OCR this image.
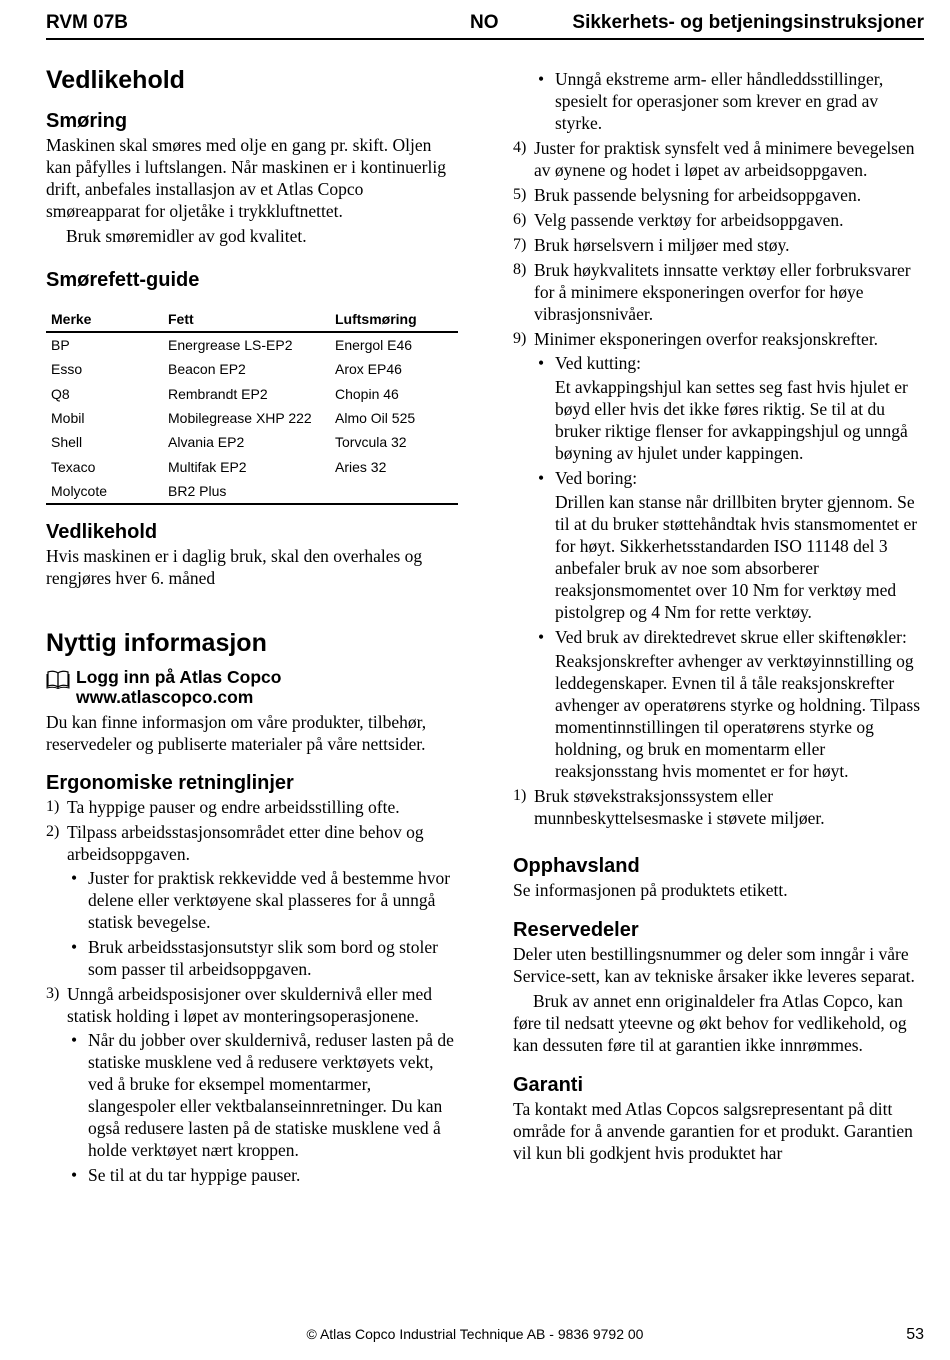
RVM 07B	NO	Sikkerhets- og betjeningsinstruksjoner
Vedlikehold
Smøring

Maskinen skal smøres med olje en gang pr. skift. Oljen kan påfylles i luftslangen. Når maskinen er i kontinuerlig drift, anbefales installasjon av et Atlas Copco smøreapparat for oljetåke i trykkluftnettet.

Bruk smøremidler av god kvalitet.

Smørefett-guide
Merke	Fett	Luftsmøring
BP	Energrease LS-EP2	Energol E46
Esso	Beacon EP2	Arox EP46
Q8	Rembrandt EP2	Chopin 46
Mobil	Mobilegrease XHP 222	Almo Oil 525
Shell	Alvania EP2	Torvcula 32
Texaco	Multifak EP2	Aries 32
Molycote	BR2 Plus	
Vedlikehold

Hvis maskinen er i daglig bruk, skal den overhales og rengjøres hver 6. måned

Nyttig informasjon
Logg inn på Atlas Copco
www.atlascopco.com

Du kan finne informasjon om våre produkter, tilbehør, reservedeler og publiserte materialer på våre nettsider.

Ergonomiske retninglinjer
1) Ta hyppige pauser og endre arbeidsstilling ofte.
2) Tilpass arbeidsstasjonsområdet etter dine behov og arbeidsoppgaven.
• Juster for praktisk rekkevidde ved å bestemme hvor delene eller verktøyene skal plasseres for å unngå statisk bevegelse.
• Bruk arbeidsstasjonsutstyr slik som bord og stoler som passer til arbeidsoppgaven.
3) Unngå arbeidsposisjoner over skuldernivå eller med statisk holding i løpet av monteringsoperasjonene.
• Når du jobber over skuldernivå, reduser lasten på de statiske musklene ved å redusere verktøyets vekt, ved å bruke for eksempel momentarmer, slangespoler eller vektbalanseinnretninger. Du kan også redusere lasten på de statiske musklene ved å holde verktøyet nært kroppen.
• Se til at du tar hyppige pauser.
• Unngå ekstreme arm- eller håndleddsstillinger, spesielt for operasjoner som krever en grad av styrke.
4) Juster for praktisk synsfelt ved å minimere bevegelsen av øynene og hodet i løpet av arbeidsoppgaven.
5) Bruk passende belysning for arbeidsoppgaven.
6) Velg passende verktøy for arbeidsoppgaven.
7) Bruk hørselsvern i miljøer med støy.
8) Bruk høykvalitets innsatte verktøy eller forbruksvarer for å minimere eksponeringen overfor for høye vibrasjonsnivåer.
9) Minimer eksponeringen overfor reaksjonskrefter.
• Ved kutting:
Et avkappingshjul kan settes seg fast hvis hjulet er bøyd eller hvis det ikke føres riktig. Se til at du bruker riktige flenser for avkappingshjul og unngå bøyning av hjulet under kappingen.
• Ved boring:
Drillen kan stanse når drillbiten bryter gjennom. Se til at du bruker støttehåndtak hvis stansmomentet er for høyt. Sikkerhetsstandarden ISO 11148 del 3 anbefaler bruk av noe som absorberer reaksjonsmomentet over 10 Nm for verktøy med pistolgrep og 4 Nm for rette verktøy.
• Ved bruk av direktedrevet skrue eller skiftenøkler:
Reaksjonskrefter avhenger av verktøyinnstilling og leddegenskaper. Evnen til å tåle reaksjonskrefter avhenger av operatørens styrke og holdning. Tilpass momentinnstillingen til operatørens styrke og holdning, og bruk en momentarm eller reaksjonsstang hvis momentet er for høyt.
1) Bruk støvekstraksjonssystem eller munnbeskyttelsesmaske i støvete miljøer.
Opphavsland

Se informasjonen på produktets etikett.

Reservedeler

Deler uten bestillingsnummer og deler som inngår i våre Service-sett, kan av tekniske årsaker ikke leveres separat.

Bruk av annet enn originaldeler fra Atlas Copco, kan føre til nedsatt yteevne og økt behov for vedlikehold, og kan dessuten føre til at garantien ikke innrømmes.

Garanti

Ta kontakt med Atlas Copcos salgsrepresentant på ditt område for å anvende garantien for et produkt. Garantien vil kun bli godkjent hvis produktet har

© Atlas Copco Industrial Technique AB - 9836 9792 00	53
